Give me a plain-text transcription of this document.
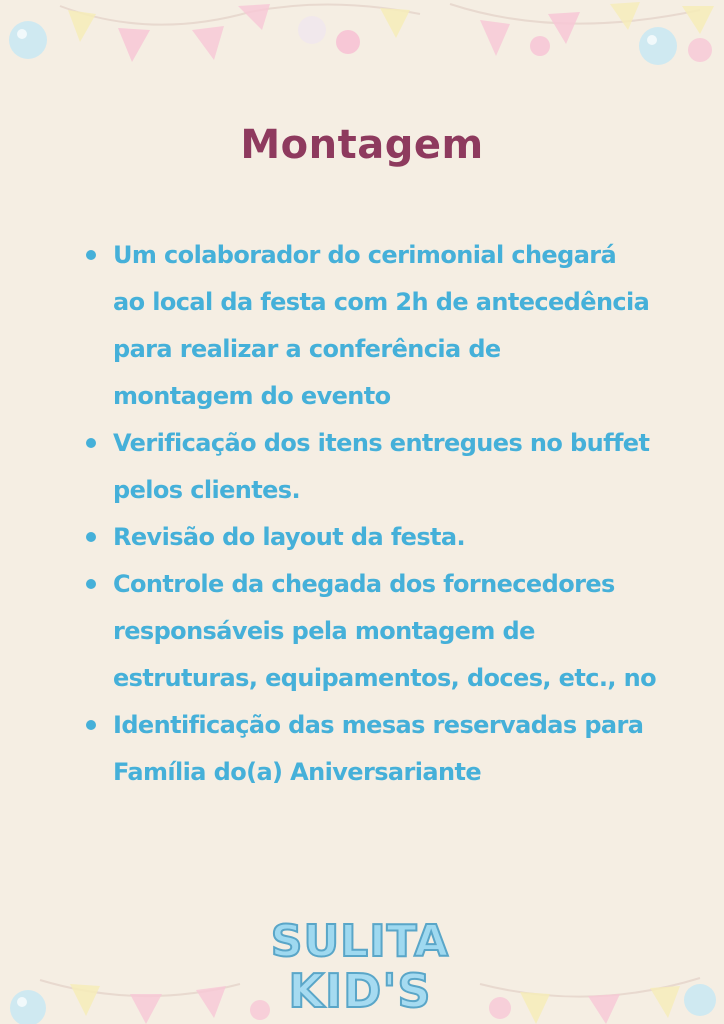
Montagem
Um colaborador do cerimonial chegará
ao local da festa com 2h de antecedência
para realizar a conferência de
montagem do evento
Verificação dos itens entregues no buffet
pelos clientes.
Revisão do layout da festa.
Controle da chegada dos fornecedores
responsáveis pela montagem de
estruturas, equipamentos, doces, etc., no
Identificação das mesas reservadas para
Família do(a) Aniversariante
SULITA
KID'S
